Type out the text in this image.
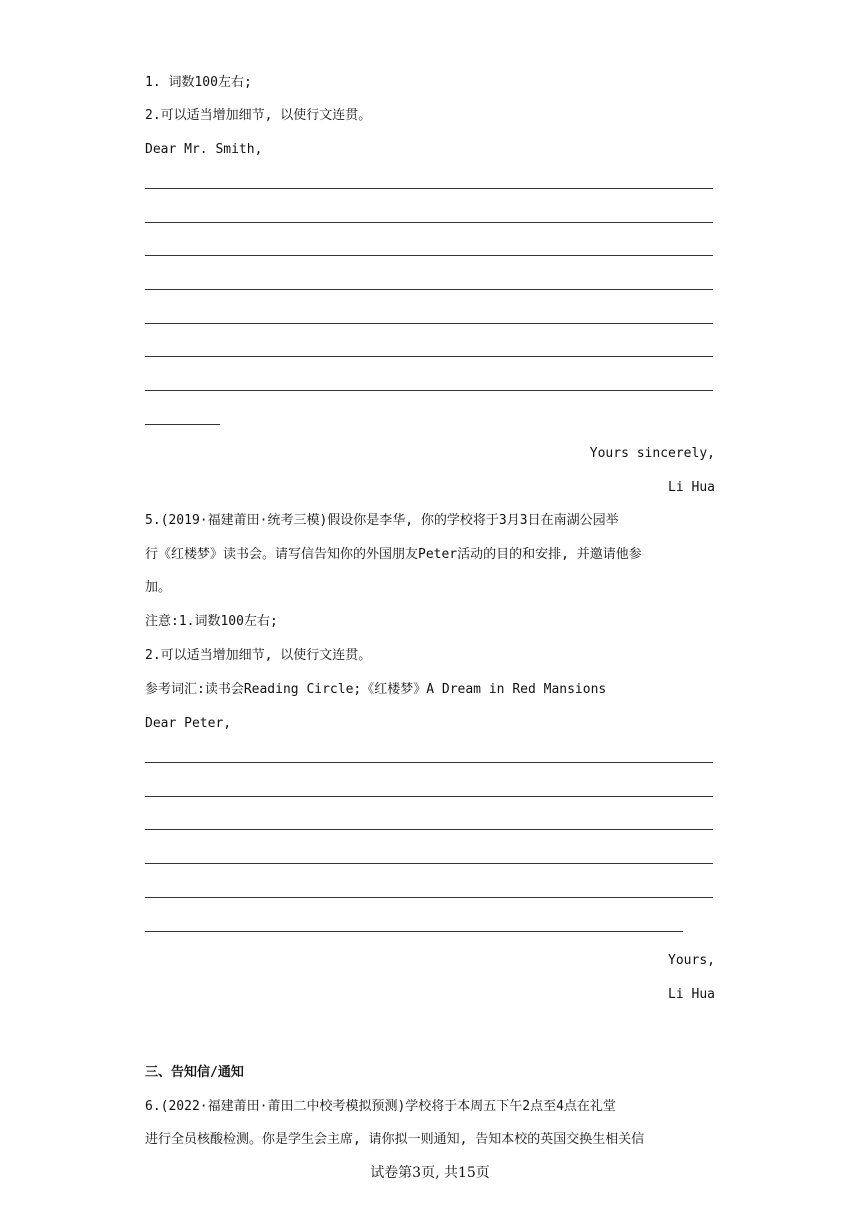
1. 词数100左右;
2.可以适当增加细节, 以使行文连贯。
Dear Mr. Smith,
Yours sincerely,
Li Hua
5.(2019·福建莆田·统考三模)假设你是李华, 你的学校将于3月3日在南湖公园举
行《红楼梦》读书会。请写信告知你的外国朋友Peter活动的目的和安排, 并邀请他参
加。
注意:1.词数100左右;
2.可以适当增加细节, 以使行文连贯。
参考词汇:读书会Reading Circle;《红楼梦》A Dream in Red Mansions
Dear Peter,
Yours,
Li Hua
三、告知信/通知
6.(2022·福建莆田·莆田二中校考模拟预测)学校将于本周五下午2点至4点在礼堂
进行全员核酸检测。你是学生会主席, 请你拟一则通知, 告知本校的英国交换生相关信
试卷第3页, 共15页
